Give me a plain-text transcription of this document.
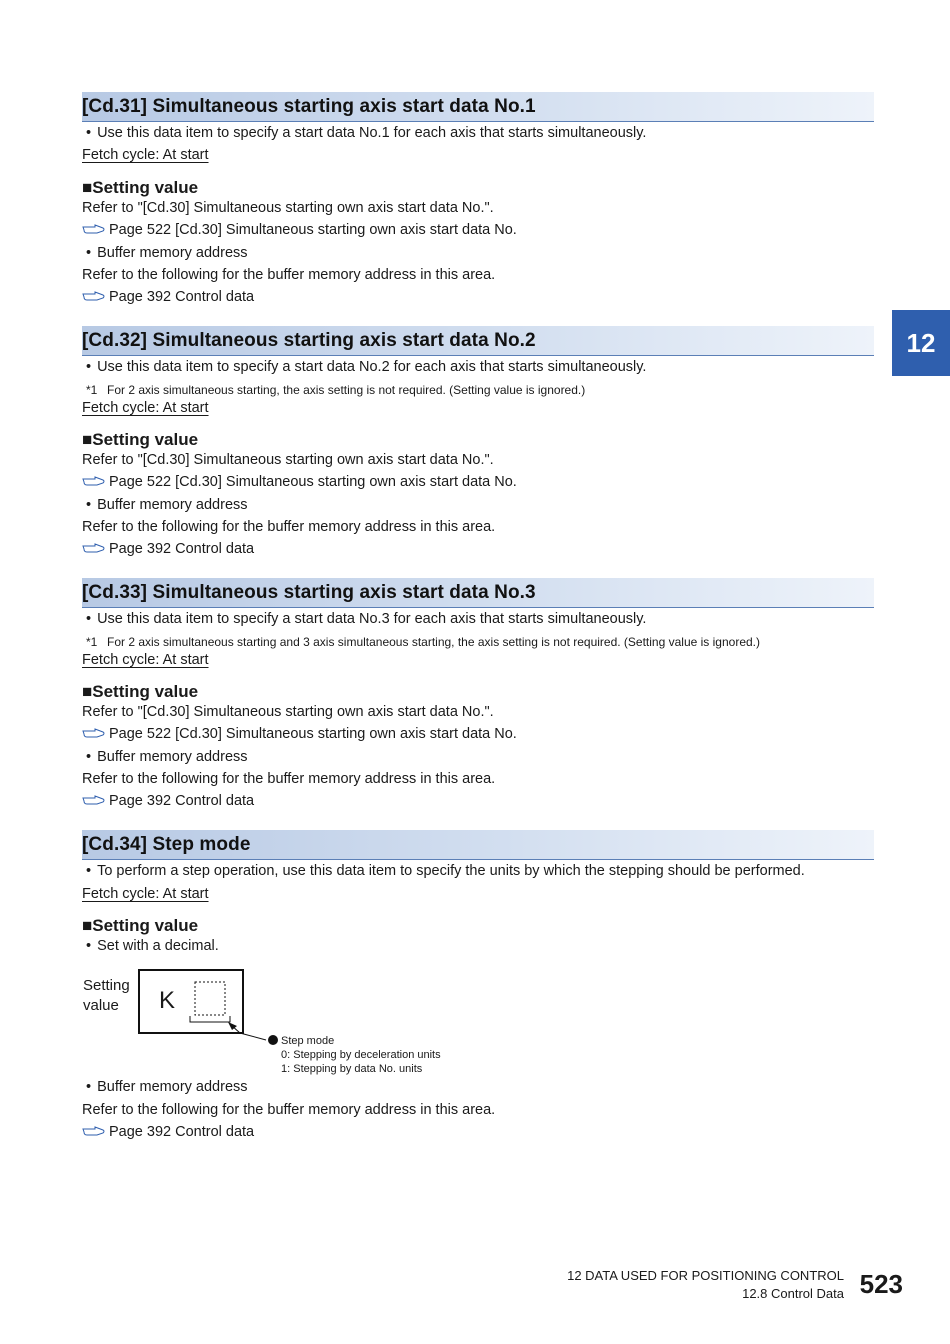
12
[Cd.31] Simultaneous starting axis start data No.1
• Use this data item to specify a start data No.1 for each axis that starts simultaneously.
Fetch cycle: At start
■Setting value
Refer to "[Cd.30] Simultaneous starting own axis start data No.".
Page 522 [Cd.30] Simultaneous starting own axis start data No.
• Buffer memory address
Refer to the following for the buffer memory address in this area.
Page 392 Control data
[Cd.32] Simultaneous starting axis start data No.2
• Use this data item to specify a start data No.2 for each axis that starts simultaneously.
*1 For 2 axis simultaneous starting, the axis setting is not required. (Setting value is ignored.)
Fetch cycle: At start
■Setting value
Refer to "[Cd.30] Simultaneous starting own axis start data No.".
Page 522 [Cd.30] Simultaneous starting own axis start data No.
• Buffer memory address
Refer to the following for the buffer memory address in this area.
Page 392 Control data
[Cd.33] Simultaneous starting axis start data No.3
• Use this data item to specify a start data No.3 for each axis that starts simultaneously.
*1 For 2 axis simultaneous starting and 3 axis simultaneous starting, the axis setting is not required. (Setting value is ignored.)
Fetch cycle: At start
■Setting value
Refer to "[Cd.30] Simultaneous starting own axis start data No.".
Page 522 [Cd.30] Simultaneous starting own axis start data No.
• Buffer memory address
Refer to the following for the buffer memory address in this area.
Page 392 Control data
[Cd.34] Step mode
• To perform a step operation, use this data item to specify the units by which the stepping should be performed.
Fetch cycle: At start
■Setting value
• Set with a decimal.
• Buffer memory address
Refer to the following for the buffer memory address in this area.
Page 392 Control data
Setting
value K
Step mode
0: Stepping by deceleration units
1: Stepping by data No. units
12 DATA USED FOR POSITIONING CONTROL
12.8 Control Data 523
